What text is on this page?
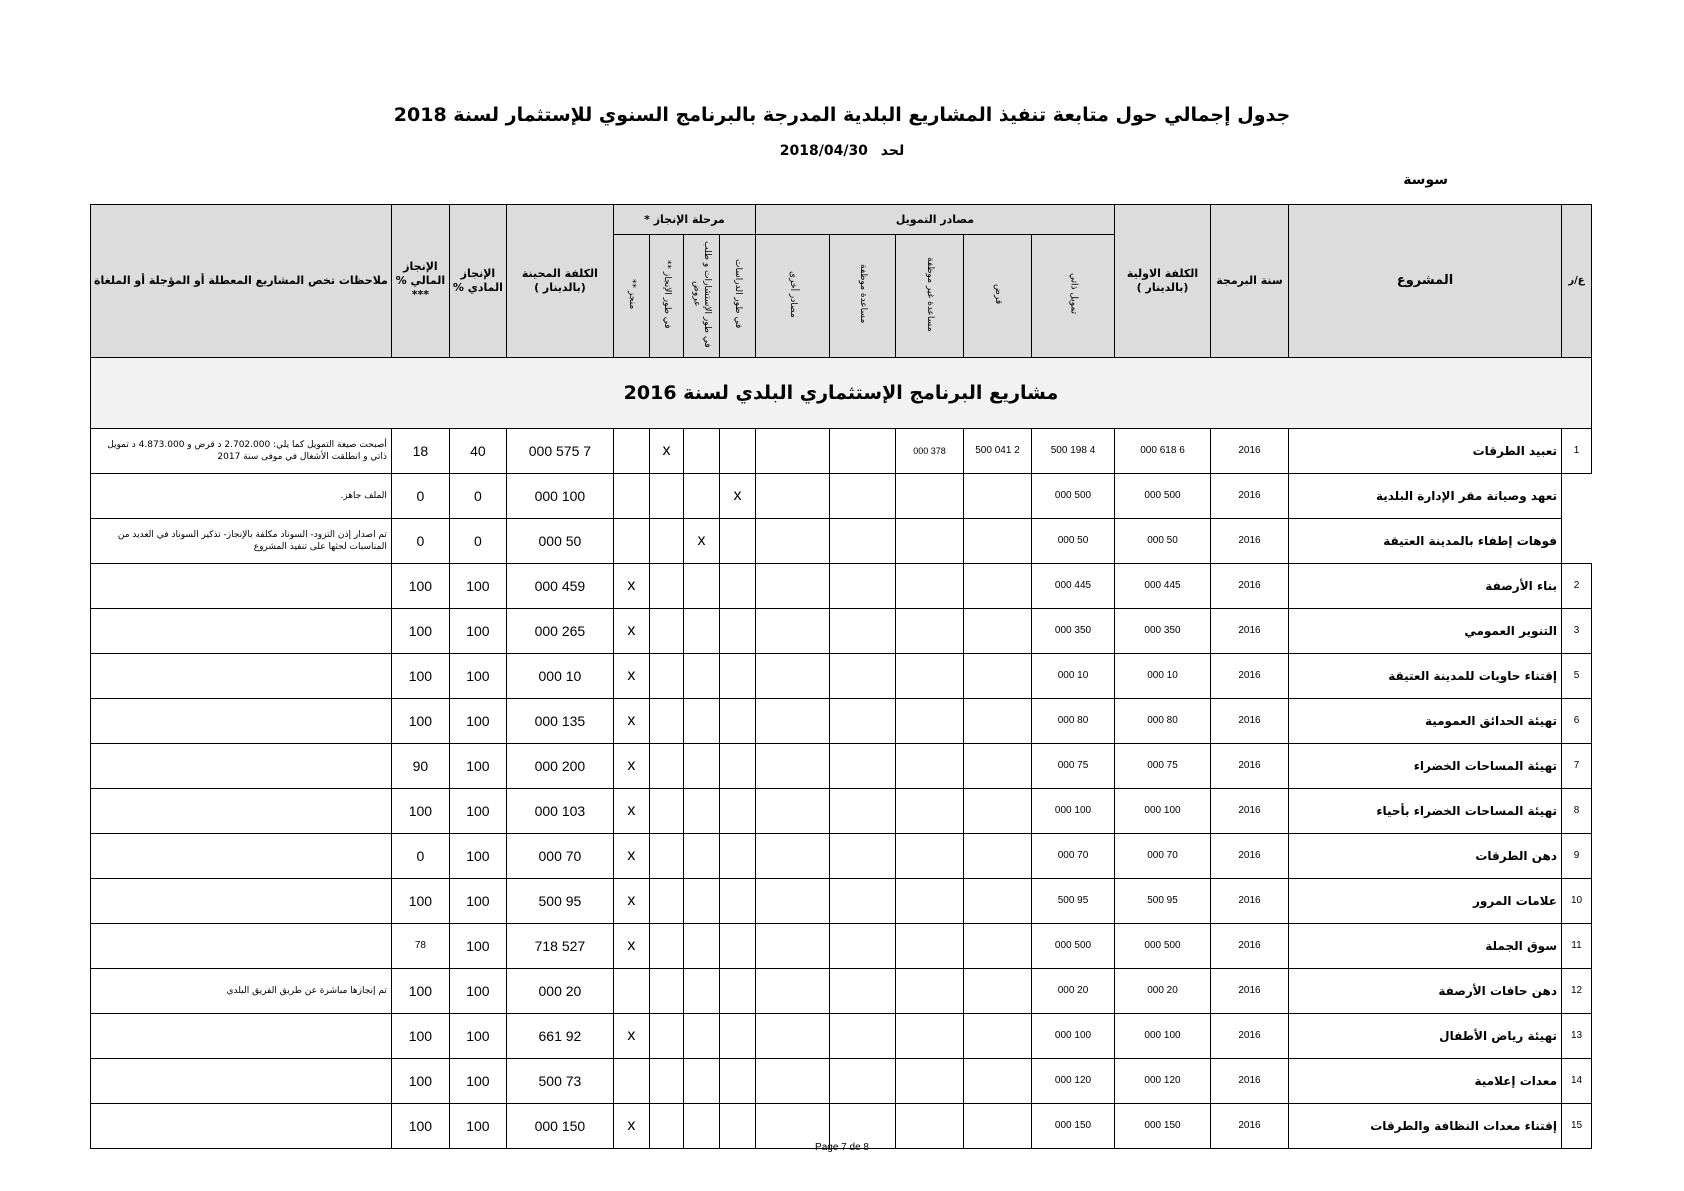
جدول إجمالي حول متابعة تنفيذ المشاريع البلدية المدرجة بالبرنامج السنوي للإستثمار لسنة 2018
لحد 2018/04/30
سوسة
ع/ر	المشروع	سنة البرمجة	الكلفة الاولية (بالدينار )	مصادر التمويل					مرحلة الإنجاز *				الكلفة المحينة (بالدينار )	الإنجاز المادي %	الإنجاز المالي % ***	ملاحظات تخص المشاريع المعطلة أو المؤجلة أو الملغاة
				تمويل ذاتي	قرض	مساعدة غير موظفة	مساعدة موظفة	مصادر أخرى	في طور الدراسات	في طور الإستشارات و طلب عروض	في طور الإنجاز **	منجز **				
مشاريع البرنامج الإستثماري البلدي لسنة 2016																
1	تعبيد الطرقات	2016	6 618 000	4 198 500	2 041 500	378 000					x		7 575 000	40	18	أصبحت صيغة التمويل كما يلي: 2.702.000 د قرض و 4.873.000 د تمويل ذاتي و انطلقت الأشغال في موفى سنة 2017
	تعهد وصيانة مقر الإدارة البلدية	2016	500 000	500 000					x				100 000	0	0	الملف جاهز.
	فوهات إطفاء بالمدينة العتيقة	2016	50 000	50 000						x			50 000	0	0	تم اصدار إذن التزود- السوناد مكلفة بالإنجاز- تذكير السوناد في العديد من المناسبات لحثها على تنفيذ المشروع
2	بناء الأرصفة	2016	445 000	445 000								x	459 000	100	100	
3	التنوير العمومي	2016	350 000	350 000								x	265 000	100	100	
5	إقتناء حاويات للمدينة العتيقة	2016	10 000	10 000								x	10 000	100	100	
6	تهيئة الحدائق العمومية	2016	80 000	80 000								x	135 000	100	100	
7	تهيئة المساحات الخضراء	2016	75 000	75 000								x	200 000	100	90	
8	تهيئة المساحات الخضراء بأحياء	2016	100 000	100 000								x	103 000	100	100	
9	دهن الطرقات	2016	70 000	70 000								x	70 000	100	0	
10	علامات المرور	2016	95 500	95 500								x	95 500	100	100	
11	سوق الجملة	2016	500 000	500 000								x	527 718	100	78	
12	دهن حافات الأرصفة	2016	20 000	20 000									20 000	100	100	تم إنجازها مباشرة عن طريق الفريق البلدي
13	تهيئة رياض الأطفال	2016	100 000	100 000								x	92 661	100	100	
14	معدات إعلامية	2016	120 000	120 000									73 500	100	100	
15	إقتناء معدات النظافة والطرقات	2016	150 000	150 000								x	150 000	100	100	
Page 7 de 8
